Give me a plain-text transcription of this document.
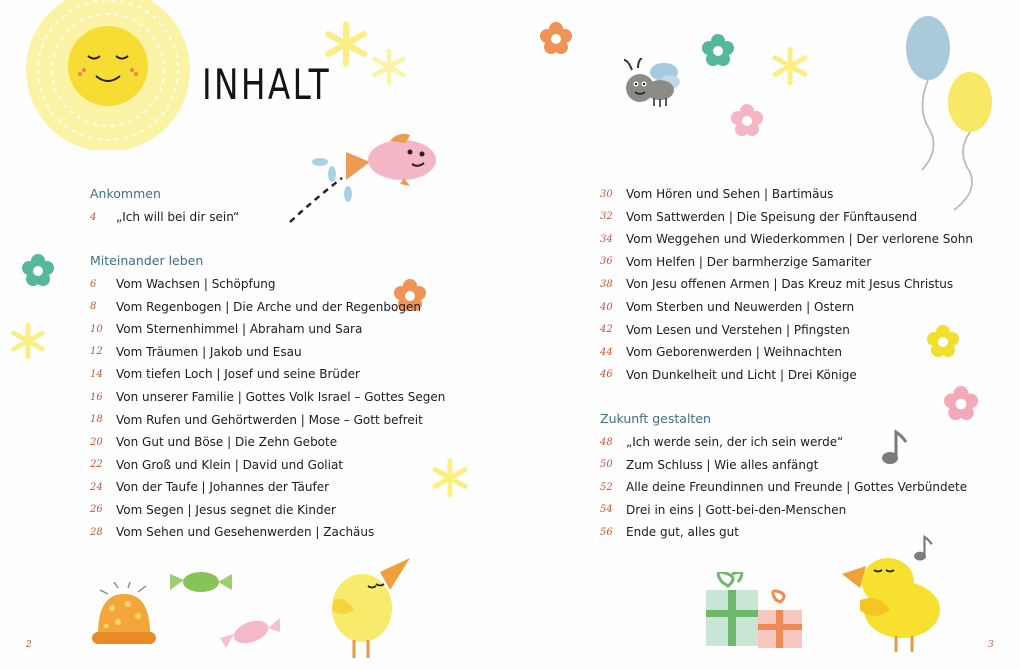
INHALT
Ankommen
4	„Ich will bei dir sein“
Miteinander leben
6	Vom Wachsen | Schöpfung
8	Vom Regenbogen | Die Arche und der Regenbogen
10	Vom Sternenhimmel | Abraham und Sara
12	Vom Träumen | Jakob und Esau
14	Vom tiefen Loch | Josef und seine Brüder
16	Von unserer Familie | Gottes Volk Israel – Gottes Segen
18	Vom Rufen und Gehörtwerden | Mose – Gott befreit
20	Von Gut und Böse | Die Zehn Gebote
22	Von Groß und Klein | David und Goliat
24	Von der Taufe | Johannes der Täufer
26	Vom Segen | Jesus segnet die Kinder
28	Vom Sehen und Gesehenwerden | Zachäus
30	Vom Hören und Sehen | Bartimäus
32	Vom Sattwerden | Die Speisung der Fünftausend
34	Vom Weggehen und Wiederkommen | Der verlorene Sohn
36	Vom Helfen | Der barmherzige Samariter
38	Von Jesu offenen Armen | Das Kreuz mit Jesus Christus
40	Vom Sterben und Neuwerden | Ostern
42	Vom Lesen und Verstehen | Pfingsten
44	Vom Geborenwerden | Weihnachten
46	Von Dunkelheit und Licht | Drei Könige
Zukunft gestalten
48	„Ich werde sein, der ich sein werde“
50	Zum Schluss | Wie alles anfängt
52	Alle deine Freundinnen und Freunde | Gottes Verbündete
54	Drei in eins | Gott-bei-den-Menschen
56	Ende gut, alles gut
2	3
